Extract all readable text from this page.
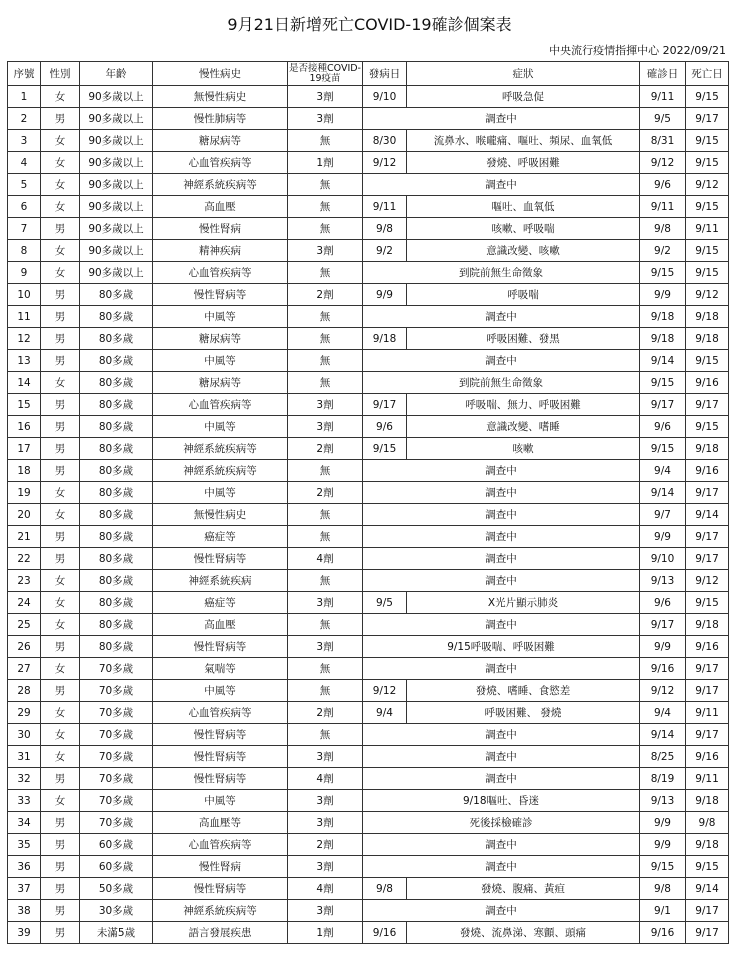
9月21日新增死亡COVID-19確診個案表
中央流行疫情指揮中心 2022/09/21
序號	性別	年齡	慢性病史	是否接種COVID-19疫苗	發病日	症狀	確診日	死亡日
1	女	90多歲以上	無慢性病史	3劑	9/10	呼吸急促	9/11	9/15
2	男	90多歲以上	慢性肺病等	3劑	調查中		9/5	9/17
3	女	90多歲以上	糖尿病等	無	8/30	流鼻水、喉嚨痛、嘔吐、頻尿、血氧低	8/31	9/15
4	女	90多歲以上	心血管疾病等	1劑	9/12	發燒、呼吸困難	9/12	9/15
5	女	90多歲以上	神經系統疾病等	無	調查中		9/6	9/12
6	女	90多歲以上	高血壓	無	9/11	嘔吐、血氧低	9/11	9/15
7	男	90多歲以上	慢性腎病	無	9/8	咳嗽、呼吸喘	9/8	9/11
8	女	90多歲以上	精神疾病	3劑	9/2	意識改變、咳嗽	9/2	9/15
9	女	90多歲以上	心血管疾病等	無	到院前無生命徵象		9/15	9/15
10	男	80多歲	慢性腎病等	2劑	9/9	呼吸喘	9/9	9/12
11	男	80多歲	中風等	無	調查中		9/18	9/18
12	男	80多歲	糖尿病等	無	9/18	呼吸困難、發黑	9/18	9/18
13	男	80多歲	中風等	無	調查中		9/14	9/15
14	女	80多歲	糖尿病等	無	到院前無生命徵象		9/15	9/16
15	男	80多歲	心血管疾病等	3劑	9/17	呼吸喘、無力、呼吸困難	9/17	9/17
16	男	80多歲	中風等	3劑	9/6	意識改變、嗜睡	9/6	9/15
17	男	80多歲	神經系統疾病等	2劑	9/15	咳嗽	9/15	9/18
18	男	80多歲	神經系統疾病等	無	調查中		9/4	9/16
19	女	80多歲	中風等	2劑	調查中		9/14	9/17
20	女	80多歲	無慢性病史	無	調查中		9/7	9/14
21	男	80多歲	癌症等	無	調查中		9/9	9/17
22	男	80多歲	慢性腎病等	4劑	調查中		9/10	9/17
23	女	80多歲	神經系統疾病	無	調查中		9/13	9/12
24	女	80多歲	癌症等	3劑	9/5	X光片顯示肺炎	9/6	9/15
25	女	80多歲	高血壓	無	調查中		9/17	9/18
26	男	80多歲	慢性腎病等	3劑	9/15呼吸喘、呼吸困難		9/9	9/16
27	女	70多歲	氣喘等	無	調查中		9/16	9/17
28	男	70多歲	中風等	無	9/12	發燒、嗜睡、食慾差	9/12	9/17
29	女	70多歲	心血管疾病等	2劑	9/4	呼吸困難、 發燒	9/4	9/11
30	女	70多歲	慢性腎病等	無	調查中		9/14	9/17
31	女	70多歲	慢性腎病等	3劑	調查中		8/25	9/16
32	男	70多歲	慢性腎病等	4劑	調查中		8/19	9/11
33	女	70多歲	中風等	3劑	9/18嘔吐、昏迷		9/13	9/18
34	男	70多歲	高血壓等	3劑	死後採檢確診		9/9	9/8
35	男	60多歲	心血管疾病等	2劑	調查中		9/9	9/18
36	男	60多歲	慢性腎病	3劑	調查中		9/15	9/15
37	男	50多歲	慢性腎病等	4劑	9/8	發燒、腹痛、黃疸	9/8	9/14
38	男	30多歲	神經系統疾病等	3劑	調查中		9/1	9/17
39	男	未滿5歲	語言發展疾患	1劑	9/16	發燒、流鼻涕、寒顫、頭痛	9/16	9/17
